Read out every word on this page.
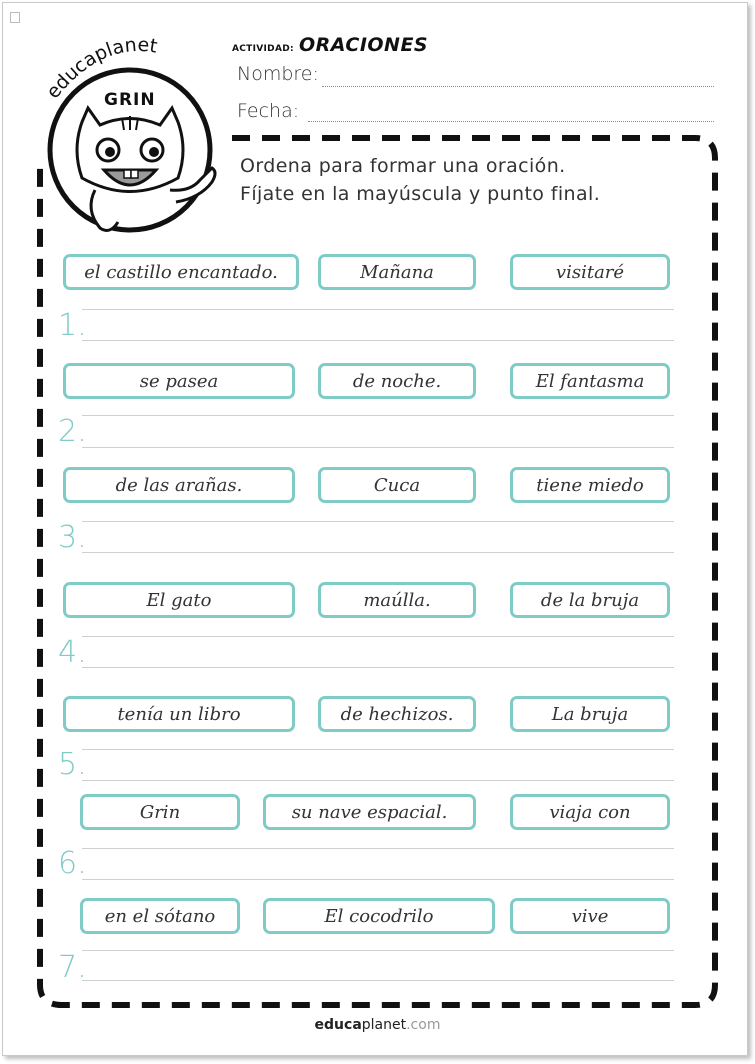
educaplanet
GRIN
ACTIVIDAD: ORACIONES
Nombre:
Fecha:
Ordena para formar una oración.
Fíjate en la mayúscula y punto final.
el castillo encantado.	Mañana	visitaré
1.
se pasea	de noche.	El fantasma
2.
de las arañas.	Cuca	tiene miedo
3.
El gato	maúlla.	de la bruja
4.
tenía un libro	de hechizos.	La bruja
5.
Grin	su nave espacial.	viaja con
6.
en el sótano	El cocodrilo	vive
7.
educaplanet.com
